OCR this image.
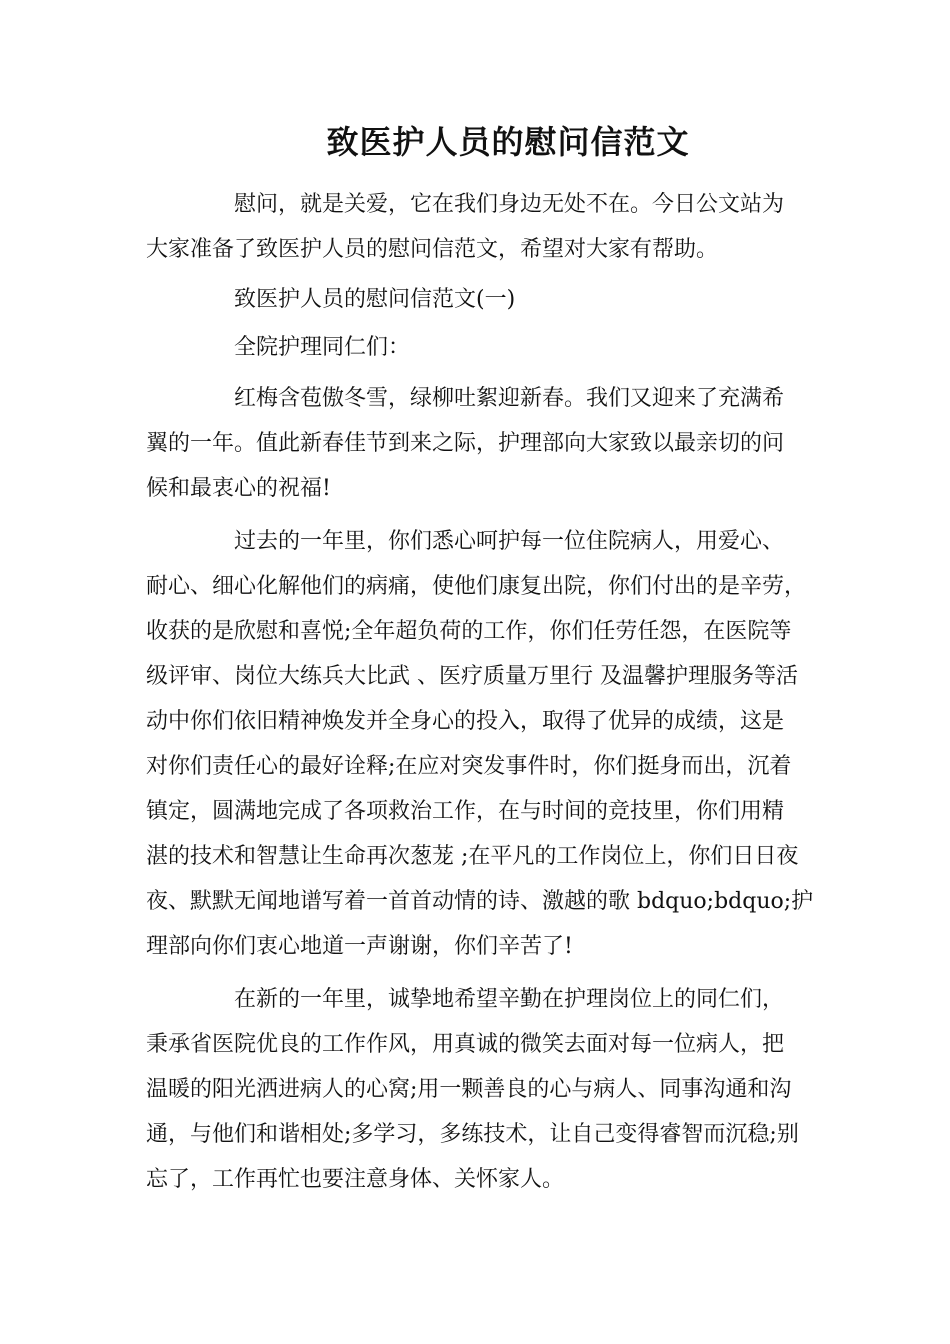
致医护人员的慰问信范文

慰问，就是关爱，它在我们身边无处不在。今日公文站为
大家准备了致医护人员的慰问信范文，希望对大家有帮助。

致医护人员的慰问信范文(一)

全院护理同仁们：

红梅含苞傲冬雪，绿柳吐絮迎新春。我们又迎来了充满希
翼的一年。值此新春佳节到来之际，护理部向大家致以最亲切的问
候和最衷心的祝福!

过去的一年里，你们悉心呵护每一位住院病人，用爱心、
耐心、细心化解他们的病痛，使他们康复出院，你们付出的是辛劳，
收获的是欣慰和喜悦;全年超负荷的工作，你们任劳任怨，在医院等
级评审、岗位大练兵大比武 、医疗质量万里行 及温馨护理服务等活
动中你们依旧精神焕发并全身心的投入，取得了优异的成绩，这是
对你们责任心的最好诠释;在应对突发事件时，你们挺身而出，沉着
镇定，圆满地完成了各项救治工作，在与时间的竞技里，你们用精
湛的技术和智慧让生命再次葱茏 ;在平凡的工作岗位上，你们日日夜
夜、默默无闻地谱写着一首首动情的诗、激越的歌 bdquo;bdquo;护
理部向你们衷心地道一声谢谢，你们辛苦了!

在新的一年里，诚挚地希望辛勤在护理岗位上的同仁们，
秉承省医院优良的工作作风，用真诚的微笑去面对每一位病人，把
温暖的阳光洒进病人的心窝;用一颗善良的心与病人、同事沟通和沟
通，与他们和谐相处;多学习，多练技术，让自己变得睿智而沉稳;别
忘了，工作再忙也要注意身体、关怀家人。
